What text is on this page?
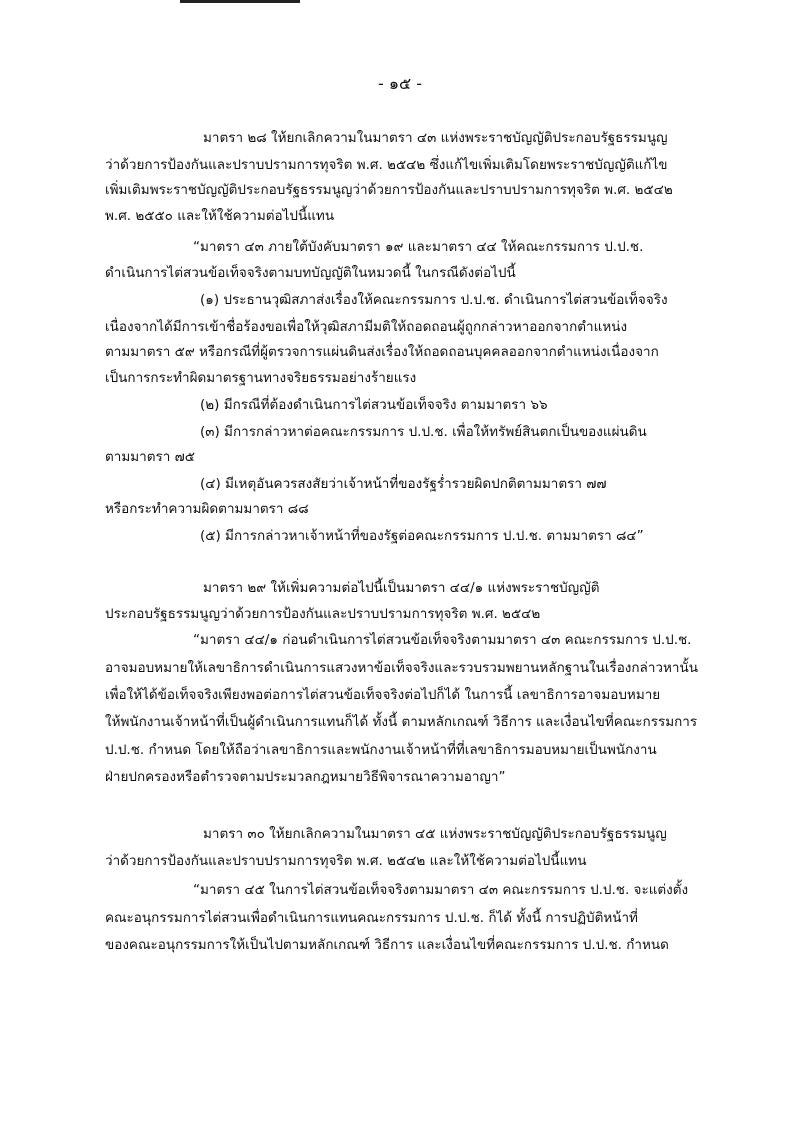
- ๑๕ -
มาตรา ๒๘ ให้ยกเลิกความในมาตรา ๔๓ แห่งพระราชบัญญัติประกอบรัฐธรรมนูญ
ว่าด้วยการป้องกันและปราบปรามการทุจริต พ.ศ. ๒๕๔๒ ซึ่งแก้ไขเพิ่มเติมโดยพระราชบัญญัติแก้ไข
เพิ่มเติมพระราชบัญญัติประกอบรัฐธรรมนูญว่าด้วยการป้องกันและปราบปรามการทุจริต พ.ศ. ๒๕๔๒
พ.ศ. ๒๕๕๐ และให้ใช้ความต่อไปนี้แทน
“มาตรา ๔๓ ภายใต้บังคับมาตรา ๑๙ และมาตรา ๔๔ ให้คณะกรรมการ ป.ป.ช.
ดำเนินการไต่สวนข้อเท็จจริงตามบทบัญญัติในหมวดนี้ ในกรณีดังต่อไปนี้
(๑) ประธานวุฒิสภาส่งเรื่องให้คณะกรรมการ ป.ป.ช. ดำเนินการไต่สวนข้อเท็จจริง
เนื่องจากได้มีการเข้าชื่อร้องขอเพื่อให้วุฒิสภามีมติให้ถอดถอนผู้ถูกกล่าวหาออกจากตำแหน่ง
ตามมาตรา ๕๙ หรือกรณีที่ผู้ตรวจการแผ่นดินส่งเรื่องให้ถอดถอนบุคคลออกจากตำแหน่งเนื่องจาก
เป็นการกระทำผิดมาตรฐานทางจริยธรรมอย่างร้ายแรง
(๒) มีกรณีที่ต้องดำเนินการไต่สวนข้อเท็จจริง ตามมาตรา ๖๖
(๓) มีการกล่าวหาต่อคณะกรรมการ ป.ป.ช. เพื่อให้ทรัพย์สินตกเป็นของแผ่นดิน
ตามมาตรา ๗๕
(๔) มีเหตุอันควรสงสัยว่าเจ้าหน้าที่ของรัฐร่ำรวยผิดปกติตามมาตรา ๗๗
หรือกระทำความผิดตามมาตรา ๘๘
(๕) มีการกล่าวหาเจ้าหน้าที่ของรัฐต่อคณะกรรมการ ป.ป.ช. ตามมาตรา ๘๔”
มาตรา ๒๙ ให้เพิ่มความต่อไปนี้เป็นมาตรา ๔๔/๑ แห่งพระราชบัญญัติ
ประกอบรัฐธรรมนูญว่าด้วยการป้องกันและปราบปรามการทุจริต พ.ศ. ๒๕๔๒
“มาตรา ๔๔/๑ ก่อนดำเนินการไต่สวนข้อเท็จจริงตามมาตรา ๔๓ คณะกรรมการ ป.ป.ช.
อาจมอบหมายให้เลขาธิการดำเนินการแสวงหาข้อเท็จจริงและรวบรวมพยานหลักฐานในเรื่องกล่าวหานั้น
เพื่อให้ได้ข้อเท็จจริงเพียงพอต่อการไต่สวนข้อเท็จจริงต่อไปก็ได้ ในการนี้ เลขาธิการอาจมอบหมาย
ให้พนักงานเจ้าหน้าที่เป็นผู้ดำเนินการแทนก็ได้ ทั้งนี้ ตามหลักเกณฑ์ วิธีการ และเงื่อนไขที่คณะกรรมการ
ป.ป.ช. กำหนด โดยให้ถือว่าเลขาธิการและพนักงานเจ้าหน้าที่ที่เลขาธิการมอบหมายเป็นพนักงาน
ฝ่ายปกครองหรือตำรวจตามประมวลกฎหมายวิธีพิจารณาความอาญา”
มาตรา ๓๐ ให้ยกเลิกความในมาตรา ๔๕ แห่งพระราชบัญญัติประกอบรัฐธรรมนูญ
ว่าด้วยการป้องกันและปราบปรามการทุจริต พ.ศ. ๒๕๔๒ และให้ใช้ความต่อไปนี้แทน
“มาตรา ๔๕ ในการไต่สวนข้อเท็จจริงตามมาตรา ๔๓ คณะกรรมการ ป.ป.ช. จะแต่งตั้ง
คณะอนุกรรมการไต่สวนเพื่อดำเนินการแทนคณะกรรมการ ป.ป.ช. ก็ได้ ทั้งนี้ การปฏิบัติหน้าที่
ของคณะอนุกรรมการให้เป็นไปตามหลักเกณฑ์ วิธีการ และเงื่อนไขที่คณะกรรมการ ป.ป.ช. กำหนด
